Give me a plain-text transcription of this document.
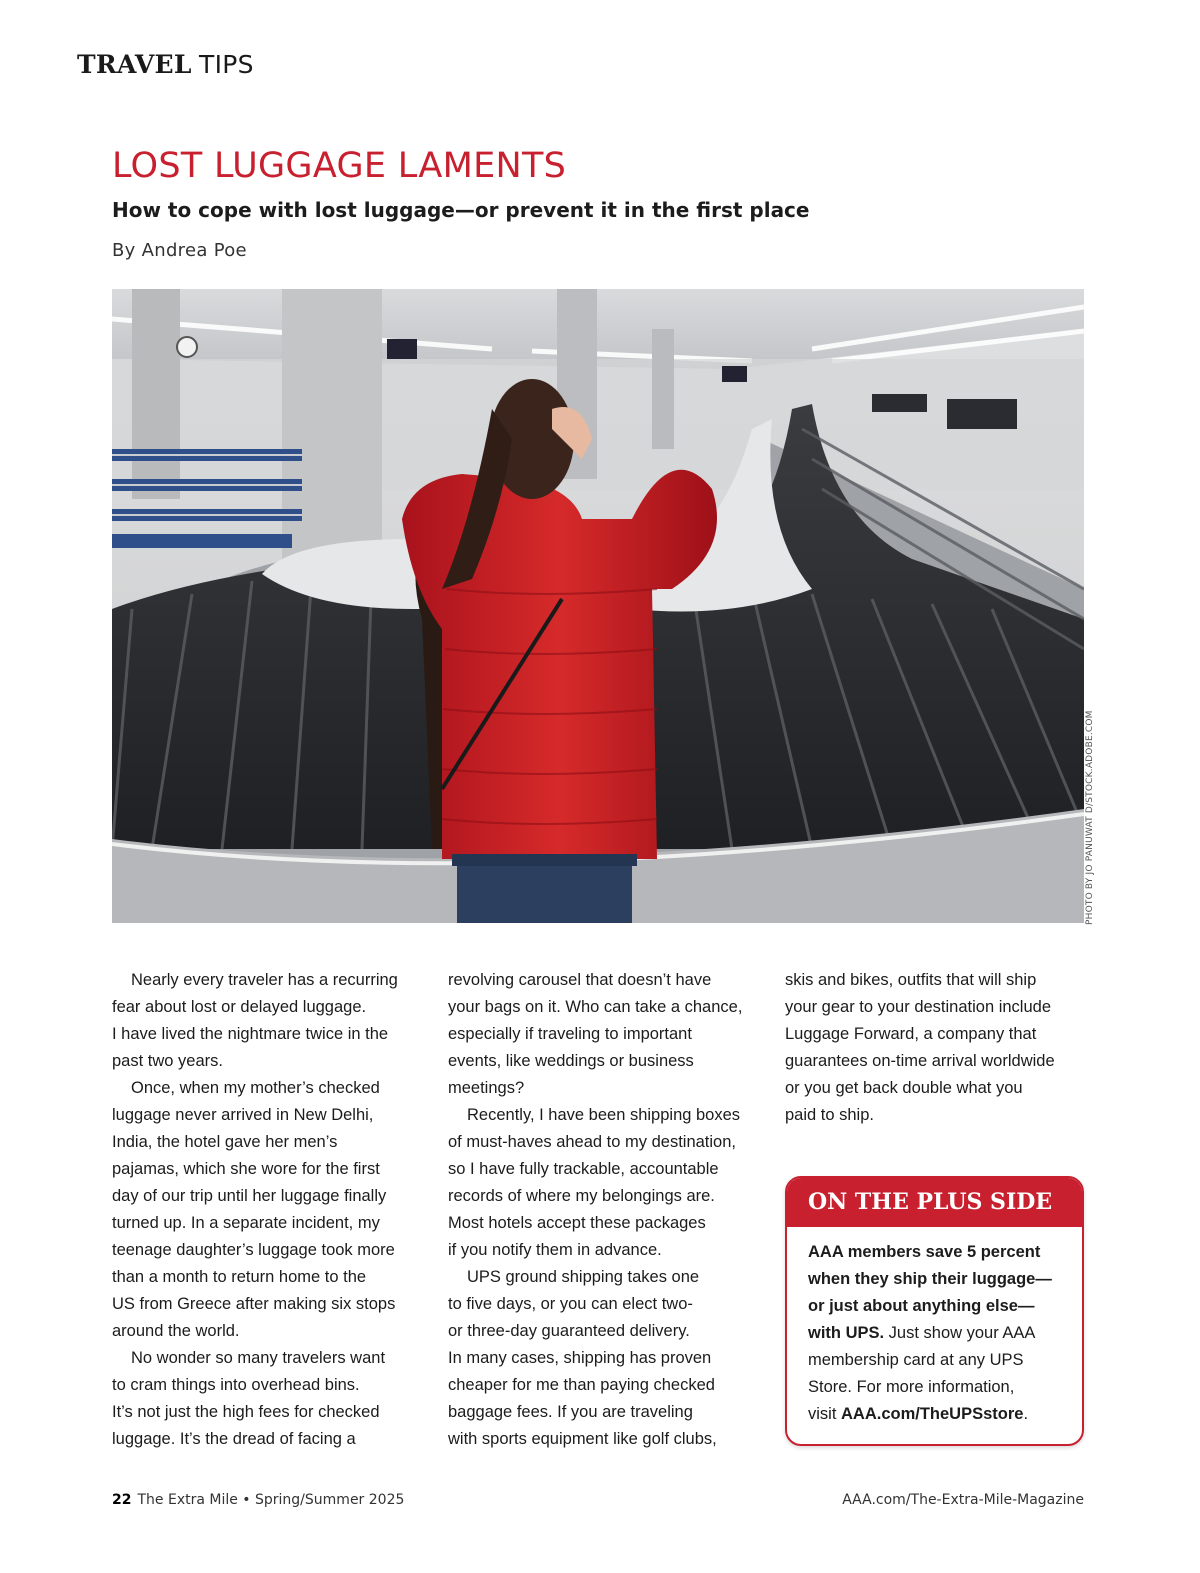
TRAVEL TIPS
LOST LUGGAGE LAMENTS
How to cope with lost luggage—or prevent it in the first place

By Andrea Poe

PHOTO BY JO PANUWAT D/STOCK.ADOBE.COM

Nearly every traveler has a recurring
fear about lost or delayed luggage.
I have lived the nightmare twice in the
past two years.

Once, when my mother’s checked
luggage never arrived in New Delhi,
India, the hotel gave her men’s
pajamas, which she wore for the first
day of our trip until her luggage finally
turned up. In a separate incident, my
teenage daughter’s luggage took more
than a month to return home to the
US from Greece after making six stops
around the world.

No wonder so many travelers want
to cram things into overhead bins.
It’s not just the high fees for checked
luggage. It’s the dread of facing a

revolving carousel that doesn’t have
your bags on it. Who can take a chance,
especially if traveling to important
events, like weddings or business
meetings?

Recently, I have been shipping boxes
of must-haves ahead to my destination,
so I have fully trackable, accountable
records of where my belongings are.
Most hotels accept these packages
if you notify them in advance.

UPS ground shipping takes one
to five days, or you can elect two-
or three-day guaranteed delivery.
In many cases, shipping has proven
cheaper for me than paying checked
baggage fees. If you are traveling
with sports equipment like golf clubs,

skis and bikes, outfits that will ship
your gear to your destination include
Luggage Forward, a company that
guarantees on-time arrival worldwide
or you get back double what you
paid to ship.

ON THE PLUS SIDE
AAA members save 5 percent
when they ship their luggage—
or just about anything else—
with UPS. Just show your AAA
membership card at any UPS
Store. For more information,
visit AAA.com/TheUPSstore.
22 The Extra Mile • Spring/Summer 2025	AAA.com/The-Extra-Mile-Magazine
